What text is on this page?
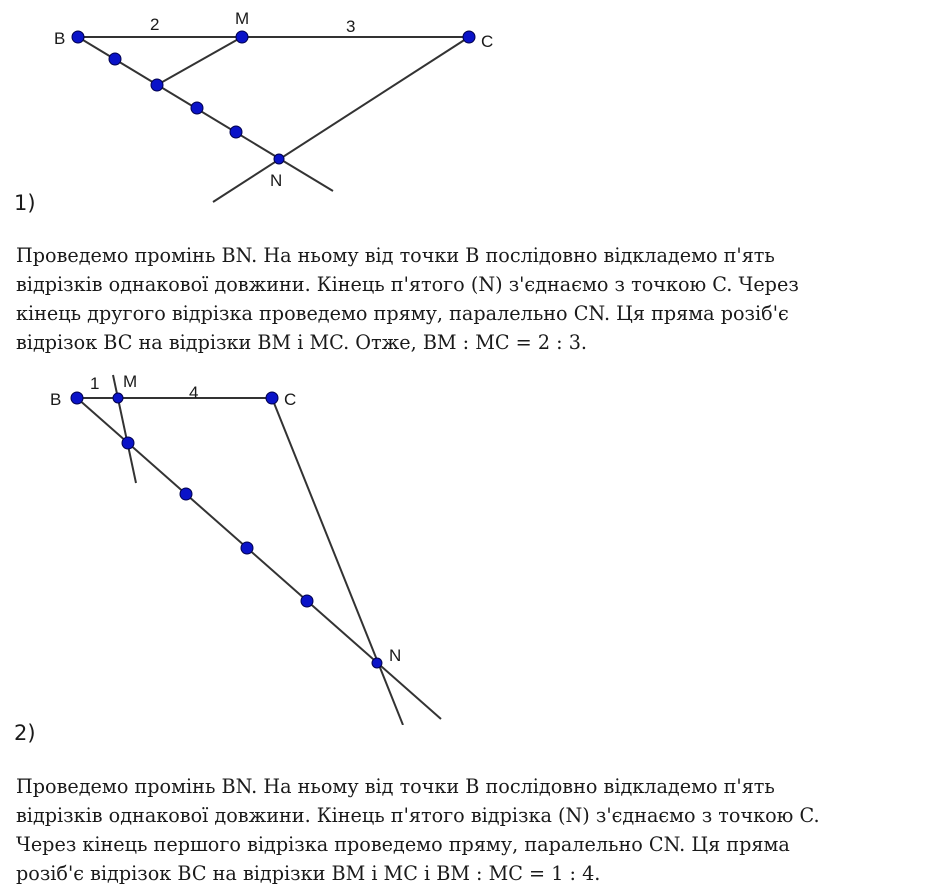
B
M
C
N
2	3

1)

Проведемо промінь BN. На ньому від точки B послідовно відкладемо п'ять
відрізків однакової довжини. Кінець п'ятого (N) з'єднаємо з точкою C. Через
кінець другого відрізка проведемо пряму, паралельно CN. Ця пряма розіб'є
відрізок BC на відрізки BM і MC. Отже, BM : MC = 2 : 3.
B
M
C
N
1	4

2)

Проведемо промінь BN. На ньому від точки B послідовно відкладемо п'ять
відрізків однакової довжини. Кінець п'ятого відрізка (N) з'єднаємо з точкою C.
Через кінець першого відрізка проведемо пряму, паралельно CN. Ця пряма
розіб'є відрізок BC на відрізки BM і MC і BM : MC = 1 : 4.
